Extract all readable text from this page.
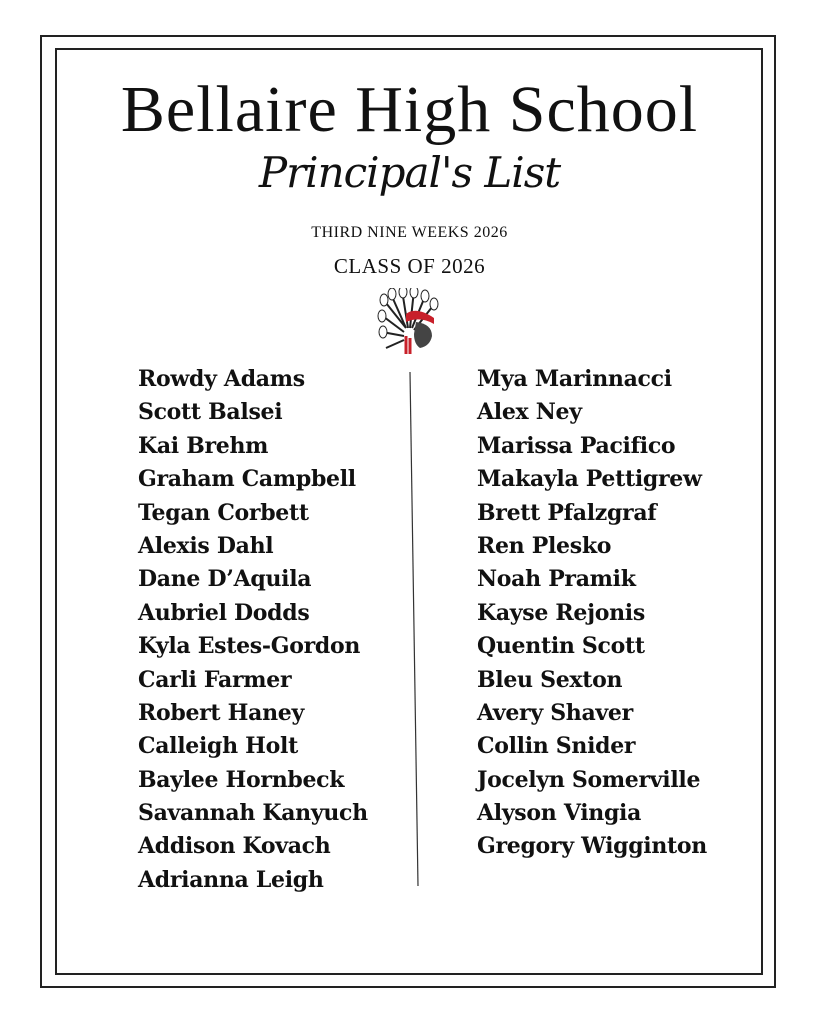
Bellaire High School
Principal's List
THIRD NINE WEEKS 2026
CLASS OF 2026
Rowdy Adams
Scott Balsei
Kai Brehm
Graham Campbell
Tegan Corbett
Alexis Dahl
Dane D’Aquila
Aubriel Dodds
Kyla Estes-Gordon
Carli Farmer
Robert Haney
Calleigh Holt
Baylee Hornbeck
Savannah Kanyuch
Addison Kovach
Adrianna Leigh
Mya Marinnacci
Alex Ney
Marissa Pacifico
Makayla Pettigrew
Brett Pfalzgraf
Ren Plesko
Noah Pramik
Kayse Rejonis
Quentin Scott
Bleu Sexton
Avery Shaver
Collin Snider
Jocelyn Somerville
Alyson Vingia
Gregory Wigginton
